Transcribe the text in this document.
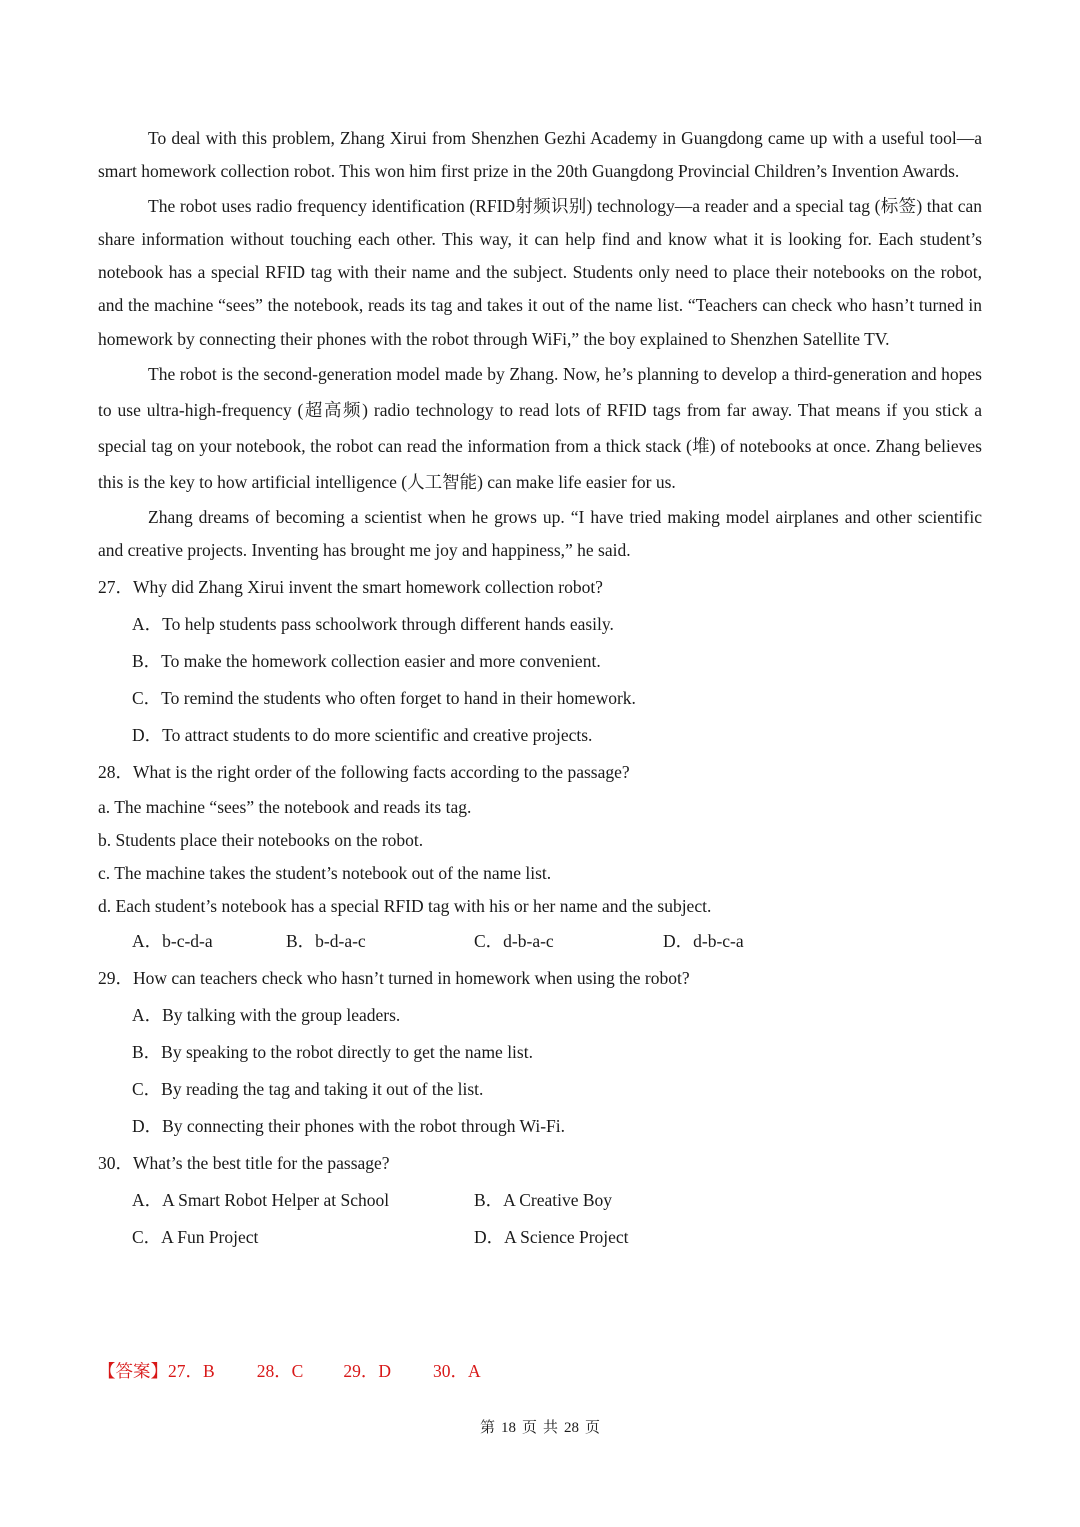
To deal with this problem, Zhang Xirui from Shenzhen Gezhi Academy in Guangdong came up with a useful tool—a smart homework collection robot. This won him first prize in the 20th Guangdong Provincial Children’s Invention Awards.

The robot uses radio frequency identification (RFID射频识别) technology—a reader and a special tag (标签) that can share information without touching each other. This way, it can help find and know what it is looking for. Each student’s notebook has a special RFID tag with their name and the subject. Students only need to place their notebooks on the robot, and the machine “sees” the notebook, reads its tag and takes it out of the name list. “Teachers can check who hasn’t turned in homework by connecting their phones with the robot through WiFi,” the boy explained to Shenzhen Satellite TV.

The robot is the second-generation model made by Zhang. Now, he’s planning to develop a third-generation and hopes to use ultra-high-frequency (超高频) radio technology to read lots of RFID tags from far away. That means if you stick a special tag on your notebook, the robot can read the information from a thick stack (堆) of notebooks at once. Zhang believes this is the key to how artificial intelligence (人工智能) can make life easier for us.

Zhang dreams of becoming a scientist when he grows up. “I have tried making model airplanes and other scientific and creative projects. Inventing has brought me joy and happiness,” he said.

27．Why did Zhang Xirui invent the smart homework collection robot?
A．To help students pass schoolwork through different hands easily.
B．To make the homework collection easier and more convenient.
C．To remind the students who often forget to hand in their homework.
D．To attract students to do more scientific and creative projects.
28．What is the right order of the following facts according to the passage?
a. The machine “sees” the notebook and reads its tag.
b. Students place their notebooks on the robot.
c. The machine takes the student’s notebook out of the name list.
d. Each student’s notebook has a special RFID tag with his or her name and the subject.
A．b-c-d-a	B．b-d-a-c	C．d-b-a-c	D．d-b-c-a
29．How can teachers check who hasn’t turned in homework when using the robot?
A．By talking with the group leaders.
B．By speaking to the robot directly to get the name list.
C．By reading the tag and taking it out of the list.
D．By connecting their phones with the robot through Wi-Fi.
30．What’s the best title for the passage?
A．A Smart Robot Helper at School	B．A Creative Boy
C．A Fun Project	D．A Science Project
【答案】27．B 28．C 29．D 30．A
第 18 页 共 28 页
